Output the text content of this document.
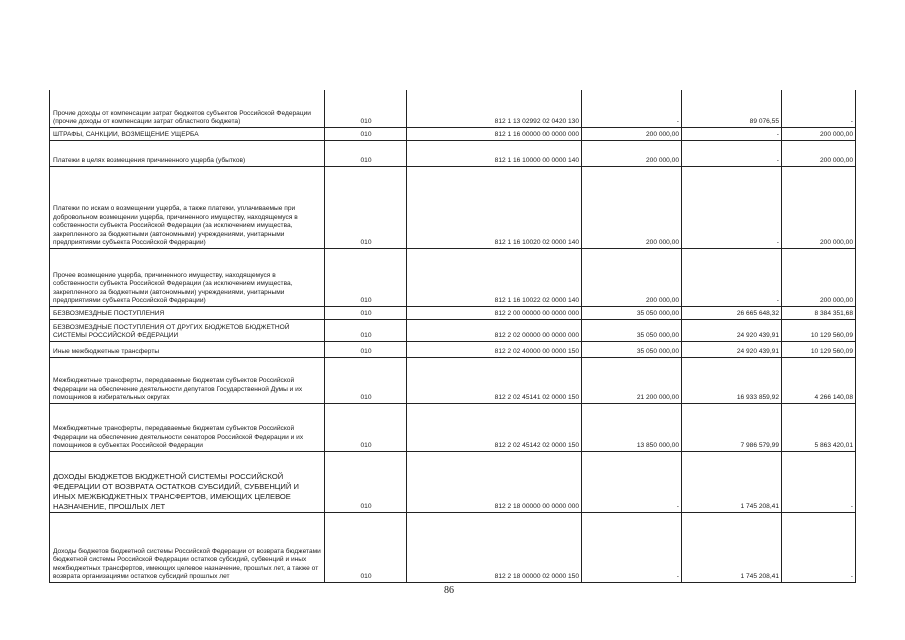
Прочие доходы от компенсации затрат бюджетов субъектов Российской Федерации (прочие доходы от компенсации затрат областного бюджета)	010	812 1 13 02992 02 0420 130	-	89 076,55	-
ШТРАФЫ, САНКЦИИ, ВОЗМЕЩЕНИЕ УЩЕРБА	010	812 1 16 00000 00 0000 000	200 000,00	-	200 000,00
Платежи в целях возмещения причиненного ущерба (убытков)	010	812 1 16 10000 00 0000 140	200 000,00	-	200 000,00
Платежи по искам о возмещении ущерба, а также платежи, уплачиваемые при добровольном возмещении ущерба, причиненного имуществу, находящемуся в собственности субъекта Российской Федерации (за исключением имущества, закрепленного за бюджетными (автономными) учреждениями, унитарными предприятиями субъекта Российской Федерации)	010	812 1 16 10020 02 0000 140	200 000,00	-	200 000,00
Прочее возмещение ущерба, причиненного имуществу, находящемуся в собственности субъекта Российской Федерации (за исключением имущества, закрепленного за бюджетными (автономными) учреждениями, унитарными предприятиями субъекта Российской Федерации)	010	812 1 16 10022 02 0000 140	200 000,00	-	200 000,00
БЕЗВОЗМЕЗДНЫЕ ПОСТУПЛЕНИЯ	010	812 2 00 00000 00 0000 000	35 050 000,00	26 665 648,32	8 384 351,68
БЕЗВОЗМЕЗДНЫЕ ПОСТУПЛЕНИЯ ОТ ДРУГИХ БЮДЖЕТОВ БЮДЖЕТНОЙ СИСТЕМЫ РОССИЙСКОЙ ФЕДЕРАЦИИ	010	812 2 02 00000 00 0000 000	35 050 000,00	24 920 439,91	10 129 560,09
Иные межбюджетные трансферты	010	812 2 02 40000 00 0000 150	35 050 000,00	24 920 439,91	10 129 560,09
Межбюджетные трансферты, передаваемые бюджетам субъектов Российской Федерации на обеспечение деятельности депутатов Государственной Думы и их помощников в избирательных округах	010	812 2 02 45141 02 0000 150	21 200 000,00	16 933 859,92	4 266 140,08
Межбюджетные трансферты, передаваемые бюджетам субъектов Российской Федерации на обеспечение деятельности сенаторов Российской Федерации и их помощников в субъектах Российской Федерации	010	812 2 02 45142 02 0000 150	13 850 000,00	7 986 579,99	5 863 420,01
ДОХОДЫ БЮДЖЕТОВ БЮДЖЕТНОЙ СИСТЕМЫ РОССИЙСКОЙ ФЕДЕРАЦИИ ОТ ВОЗВРАТА ОСТАТКОВ СУБСИДИЙ, СУБВЕНЦИЙ И ИНЫХ МЕЖБЮДЖЕТНЫХ ТРАНСФЕРТОВ, ИМЕЮЩИХ ЦЕЛЕВОЕ НАЗНАЧЕНИЕ, ПРОШЛЫХ ЛЕТ	010	812 2 18 00000 00 0000 000	-	1 745 208,41	-
Доходы бюджетов бюджетной системы Российской Федерации от возврата бюджетами бюджетной системы Российской Федерации остатков субсидий, субвенций и иных межбюджетных трансфертов, имеющих целевое назначение, прошлых лет, а также от возврата организациями остатков субсидий прошлых лет	010	812 2 18 00000 02 0000 150	-	1 745 208,41	-
86
